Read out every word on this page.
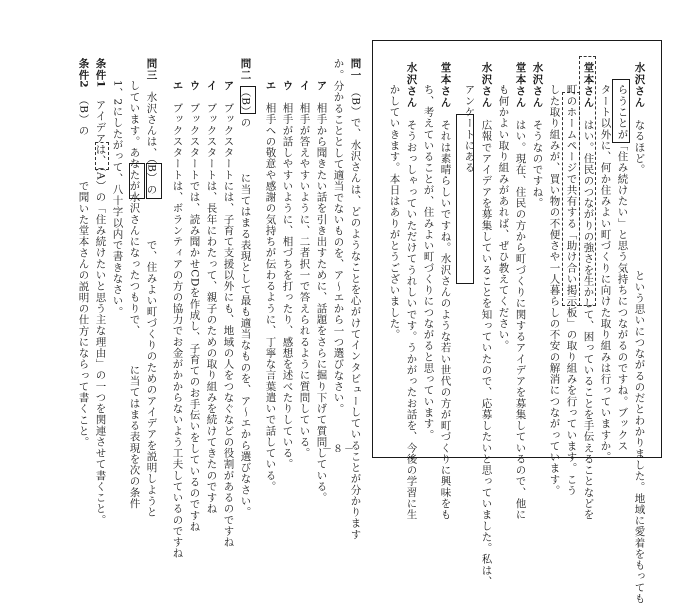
水沢さん　なるほど。　　　　　　　　　という思いにつながるのだとわかりました。地域に愛着をもっても
らうことが「住み続けたい」と思う気持ちにつながるのですね。ブックス
タート以外に、何か住みよい町づくりに向けた取り組みは行っていますか。
堂本さん　はい。住民のつながりの強さを生かして、困っていることを手伝えることなどを
町のホームページで共有する「助け合い掲示板」の取り組みを行っています。こう
した取り組みが、買い物の不便さや一人暮らしの不安の解消につながっています。
水沢さん　そうなのですね。
堂本さん　はい。現在、住民の方から町づくりに関するアイデアを募集しているので、他に
も何かよい取り組みがあれば、ぜひ教えてください。
水沢さん　広報でアイデアを募集していることを知っていたので、応募したいと思っていました。私は、
アンケートにある
堂本さん　それは素晴らしいですね。水沢さんのような若い世代の方が町づくりに興味をも
ち、考えていることが、住みよい町づくりにつながると思っています。
水沢さん　そうおっしゃっていただけてうれしいです。うかがったお話を、今後の学習に生
かしていきます。本日はありがとうございました。
問一　（B）で、水沢さんは、どのようなことを心がけてインタビューしていることが分かります
か。分かることとして適当でないものを、ア〜エから一つ選びなさい。
ア　相手から聞きたい話を引き出すために、話題をさらに掘り下げて質問している。
イ　相手が答えやすいように、二者択一で答えられるように質問している。
ウ　相手が話しやすいように、相づちを打ったり、感想を述べたりしている。
エ　相手への敬意や感謝の気持ちが伝わるように、丁寧な言葉遣いで話している。
問二　（B）の　　　　に当てはまる表現として最も適当なものを、ア〜エから選びなさい。
ア　ブックスタートには、子育て支援以外にも、地域の人をつなぐなどの役割があるのですね
イ　ブックスタートは、長年にわたって、親子のための取り組みを続けてきたのですね
ウ　ブックスタートでは、読み聞かせCDを作成し、子育てのお手伝いをしているのですね
エ　ブックスタートは、ボランティアの方の協力でお金がかからないよう工夫しているのですね
問三　水沢さんは、（B）の　　　　で、住みよい町づくりのためのアイデアを説明しようと
しています。あなたが水沢さんになったつもりで、　　　に当てはまる表現を次の条件
1、2にしたがって、八十字以内で書きなさい。
条件1　アイデアは、（A）の「住み続けたいと思う主な理由」の一つを関連させて書くこと。
条件2　（B）の　　　　で聞いた堂本さんの説明の仕方にならって書くこと。
－８－
